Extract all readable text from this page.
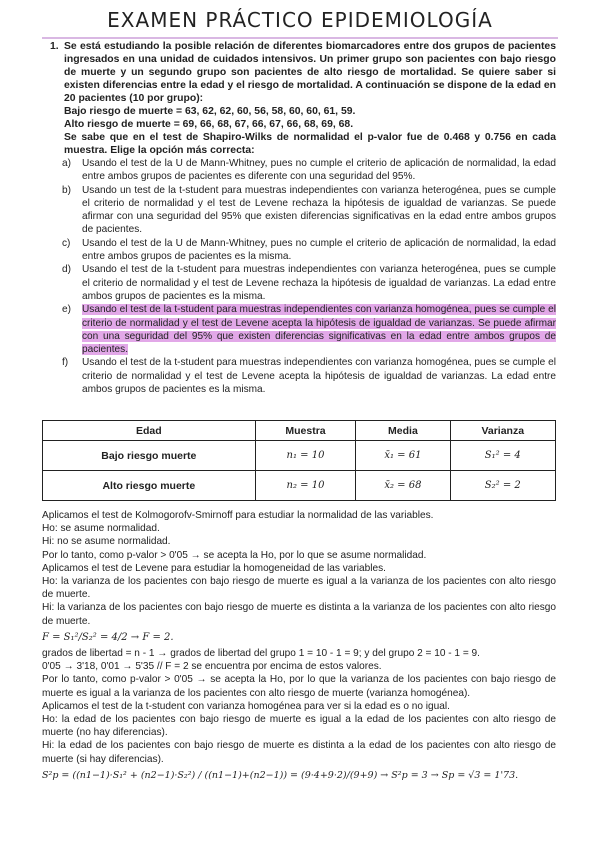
EXAMEN PRÁCTICO EPIDEMIOLOGÍA
1. Se está estudiando la posible relación de diferentes biomarcadores entre dos grupos de pacientes ingresados en una unidad de cuidados intensivos. Un primer grupo son pacientes con bajo riesgo de muerte y un segundo grupo son pacientes de alto riesgo de mortalidad. Se quiere saber si existen diferencias entre la edad y el riesgo de mortalidad. A continuación se dispone de la edad en 20 pacientes (10 por grupo):
Bajo riesgo de muerte = 63, 62, 62, 60, 56, 58, 60, 60, 61, 59.
Alto riesgo de muerte = 69, 66, 68, 67, 66, 67, 66, 68, 69, 68.
Se sabe que en el test de Shapiro-Wilks de normalidad el p-valor fue de 0.468 y 0.756 en cada muestra. Elige la opción más correcta:
a) Usando el test de la U de Mann-Whitney, pues no cumple el criterio de aplicación de normalidad, la edad entre ambos grupos de pacientes es diferente con una seguridad del 95%.
b) Usando un test de la t-student para muestras independientes con varianza heterogénea, pues se cumple el criterio de normalidad y el test de Levene rechaza la hipótesis de igualdad de varianzas. Se puede afirmar con una seguridad del 95% que existen diferencias significativas en la edad entre ambos grupos de pacientes.
c) Usando el test de la U de Mann-Whitney, pues no cumple el criterio de aplicación de normalidad, la edad entre ambos grupos de pacientes es la misma.
d) Usando el test de la t-student para muestras independientes con varianza heterogénea, pues se cumple el criterio de normalidad y el test de Levene rechaza la hipótesis de igualdad de varianzas. La edad entre ambos grupos de pacientes es la misma.
e) Usando el test de la t-student para muestras independientes con varianza homogénea, pues se cumple el criterio de normalidad y el test de Levene acepta la hipótesis de igualdad de varianzas. Se puede afirmar con una seguridad del 95% que existen diferencias significativas en la edad entre ambos grupos de pacientes.
f) Usando el test de la t-student para muestras independientes con varianza homogénea, pues se cumple el criterio de normalidad y el test de Levene acepta la hipótesis de igualdad de varianzas. La edad entre ambos grupos de pacientes es la misma.
Edad	Muestra	Media	Varianza
Bajo riesgo muerte	n₁ = 10	x̄₁ = 61	S₁² = 4
Alto riesgo muerte	n₂ = 10	x̄₂ = 68	S₂² = 2

Aplicamos el test de Kolmogorofv-Smirnoff para estudiar la normalidad de las variables.

Ho: se asume normalidad.

Hi: no se asume normalidad.

Por lo tanto, como p-valor > 0'05 → se acepta la Ho, por lo que se asume normalidad.

Aplicamos el test de Levene para estudiar la homogeneidad de las variables.

Ho: la varianza de los pacientes con bajo riesgo de muerte es igual a la varianza de los pacientes con alto riesgo de muerte.

Hi: la varianza de los pacientes con bajo riesgo de muerte es distinta a la varianza de los pacientes con alto riesgo de muerte.

F = S₁²/S₂² = 4/2 → F = 2.

grados de libertad = n - 1 → grados de libertad del grupo 1 = 10 - 1 = 9; y del grupo 2 = 10 - 1 = 9.

0'05 → 3'18, 0'01 → 5'35 // F = 2 se encuentra por encima de estos valores.

Por lo tanto, como p-valor > 0'05 → se acepta la Ho, por lo que la varianza de los pacientes con bajo riesgo de muerte es igual a la varianza de los pacientes con alto riesgo de muerte (varianza homogénea).

Aplicamos el test de la t-student con varianza homogénea para ver si la edad es o no igual.

Ho: la edad de los pacientes con bajo riesgo de muerte es igual a la edad de los pacientes con alto riesgo de muerte (no hay diferencias).

Hi: la edad de los pacientes con bajo riesgo de muerte es distinta a la edad de los pacientes con alto riesgo de muerte (si hay diferencias).

S²p = ((n1−1)·S₁² + (n2−1)·S₂²) / ((n1−1)+(n2−1)) = (9·4+9·2)/(9+9) → S²p = 3 → Sp = √3 = 1'73.
